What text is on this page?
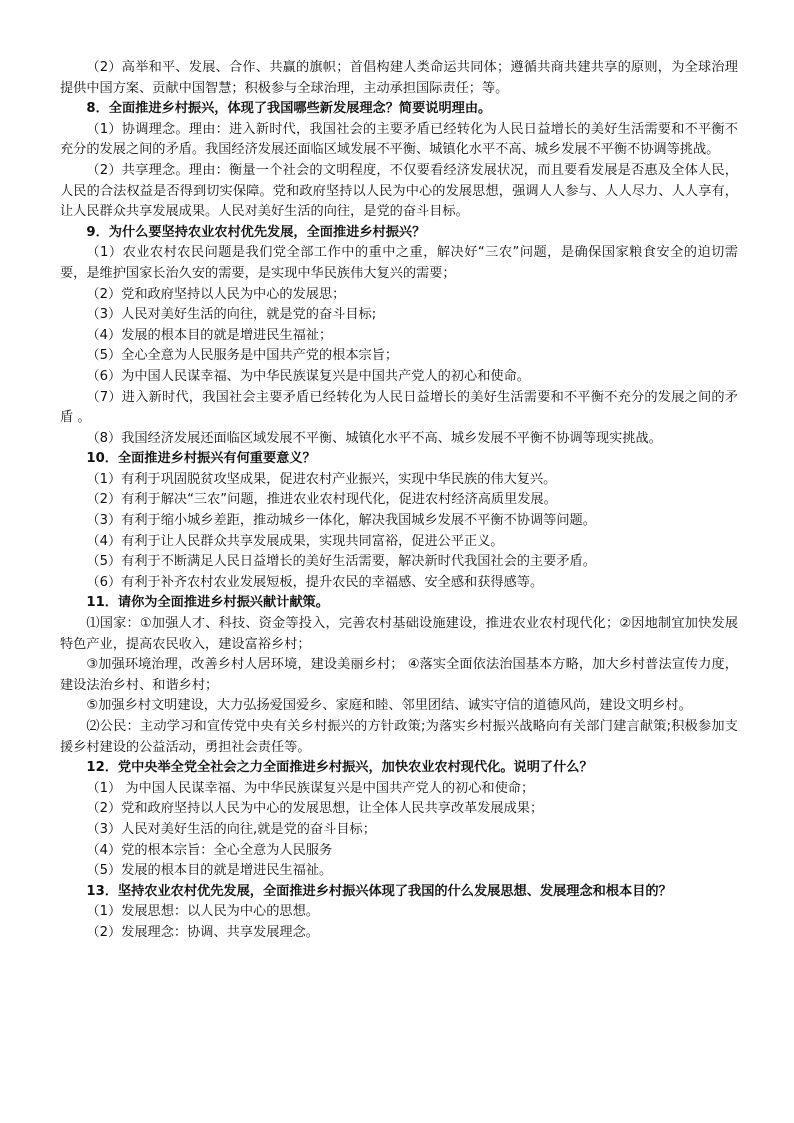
（2）高举和平、发展、合作、共赢的旗帜；首倡构建人类命运共同体；遵循共商共建共享的原则，为全球治理提供中国方案、贡献中国智慧；积极参与全球治理，主动承担国际责任；等。

8．全面推进乡村振兴，体现了我国哪些新发展理念？简要说明理由。

（1）协调理念。理由：进入新时代，我国社会的主要矛盾已经转化为人民日益增长的美好生活需要和不平衡不充分的发展之间的矛盾。我国经济发展还面临区域发展不平衡、城镇化水平不高、城乡发展不平衡不协调等挑战。

（2）共享理念。理由：衡量一个社会的文明程度，不仅要看经济发展状况，而且要看发展是否惠及全体人民，人民的合法权益是否得到切实保障。党和政府坚持以人民为中心的发展思想，强调人人参与、人人尽力、人人享有，让人民群众共享发展成果。人民对美好生活的向往，是党的奋斗目标。

9．为什么要坚持农业农村优先发展，全面推进乡村振兴？

（1）农业农村农民问题是我们党全部工作中的重中之重，解决好“三农”问题，是确保国家粮食安全的迫切需要，是维护国家长治久安的需要，是实现中华民族伟大复兴的需要；

（2）党和政府坚持以人民为中心的发展思；

（3）人民对美好生活的向往，就是党的奋斗目标;

（4）发展的根本目的就是增进民生福祉；

（5）全心全意为人民服务是中国共产党的根本宗旨；

（6）为中国人民谋幸福、为中华民族谋复兴是中国共产党人的初心和使命。

（7）进入新时代，我国社会主要矛盾已经转化为人民日益增长的美好生活需要和不平衡不充分的发展之间的矛盾 。

（8）我国经济发展还面临区域发展不平衡、城镇化水平不高、城乡发展不平衡不协调等现实挑战。

10．全面推进乡村振兴有何重要意义？

（1）有利于巩固脱贫攻坚成果，促进农村产业振兴，实现中华民族的伟大复兴。

（2）有利于解决“三农”问题，推进农业农村现代化，促进农村经济高质里发展。

（3）有利于缩小城乡差距，推动城乡一体化，解决我国城乡发展不平衡不协调等问题。

（4）有利于让人民群众共享发展成果，实现共同富裕，促进公平正义。

（5）有利于不断满足人民日益增长的美好生活需要，解决新时代我国社会的主要矛盾。

（6）有利于补齐农村农业发展短板，提升农民的幸福感、安全感和获得感等。

11．请你为全面推进乡村振兴献计献策。

⑴国家：①加强人才、科技、资金等投入，完善农村基础设施建设，推进农业农村现代化；②因地制宜加快发展特色产业，提高农民收入，建设富裕乡村；

③加强环境治理，改善乡村人居环境，建设美丽乡村； ④落实全面依法治国基本方略，加大乡村普法宣传力度，建设法治乡村、和谐乡村；

⑤加强乡村文明建设，大力弘扬爱国爱乡、家庭和睦、邻里团结、诚实守信的道德风尚，建设文明乡村。

⑵公民：主动学习和宣传党中央有关乡村振兴的方针政策;为落实乡村振兴战略向有关部门建言献策;积极参加支援乡村建设的公益活动，勇担社会责任等。

12．党中央举全党全社会之力全面推进乡村振兴，加快农业农村现代化。说明了什么？

（1） 为中国人民谋幸福、为中华民族谋复兴是中国共产党人的初心和使命；

（2）党和政府坚持以人民为中心的发展思想，让全体人民共享改革发展成果；

（3）人民对美好生活的向往,就是党的奋斗目标；

（4）党的根本宗旨：全心全意为人民服务

（5）发展的根本目的就是增进民生福祉。

13．坚持农业农村优先发展，全面推进乡村振兴体现了我国的什么发展思想、发展理念和根本目的？

（1）发展思想：以人民为中心的思想。

（2）发展理念：协调、共享发展理念。
